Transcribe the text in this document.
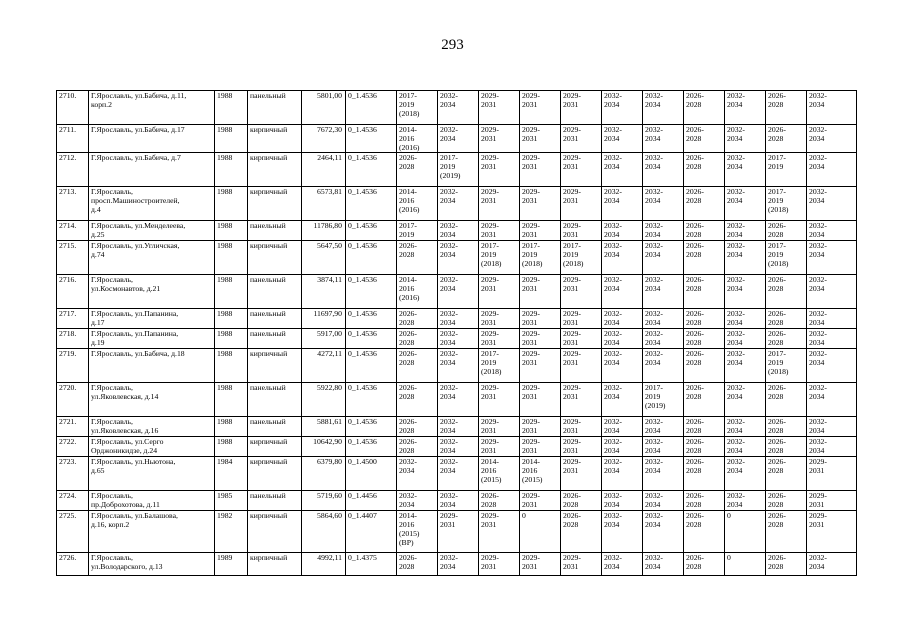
293
2710.	Г.Ярославль, ул.Бабича, д.11,
корп.2	1988	панельный	5801,00	0_1.4536	2017-
2019
(2018)	2032-
2034	2029-
2031	2029-
2031	2029-
2031	2032-
2034	2032-
2034	2026-
2028	2032-
2034	2026-
2028	2032-
2034
2711.	Г.Ярославль, ул.Бабича, д.17	1988	кирпичный	7672,30	0_1.4536	2014-
2016
(2016)	2032-
2034	2029-
2031	2029-
2031	2029-
2031	2032-
2034	2032-
2034	2026-
2028	2032-
2034	2026-
2028	2032-
2034
2712.	Г.Ярославль, ул.Бабича, д.7	1988	кирпичный	2464,11	0_1.4536	2026-
2028	2017-
2019
(2019)	2029-
2031	2029-
2031	2029-
2031	2032-
2034	2032-
2034	2026-
2028	2032-
2034	2017-
2019	2032-
2034
2713.	Г.Ярославль,
просп.Машиностроителей,
д.4	1988	кирпичный	6573,81	0_1.4536	2014-
2016
(2016)	2032-
2034	2029-
2031	2029-
2031	2029-
2031	2032-
2034	2032-
2034	2026-
2028	2032-
2034	2017-
2019
(2018)	2032-
2034
2714.	Г.Ярославль, ул.Менделеева,
д.25	1988	панельный	11786,80	0_1.4536	2017-
2019	2032-
2034	2029-
2031	2029-
2031	2029-
2031	2032-
2034	2032-
2034	2026-
2028	2032-
2034	2026-
2028	2032-
2034
2715.	Г.Ярославль, ул.Угличская,
д.74	1988	кирпичный	5647,50	0_1.4536	2026-
2028	2032-
2034	2017-
2019
(2018)	2017-
2019
(2018)	2017-
2019
(2018)	2032-
2034	2032-
2034	2026-
2028	2032-
2034	2017-
2019
(2018)	2032-
2034
2716.	Г.Ярославль,
ул.Космонавтов, д.21	1988	панельный	3874,11	0_1.4536	2014-
2016
(2016)	2032-
2034	2029-
2031	2029-
2031	2029-
2031	2032-
2034	2032-
2034	2026-
2028	2032-
2034	2026-
2028	2032-
2034
2717.	Г.Ярославль, ул.Папанина,
д.17	1988	панельный	11697,90	0_1.4536	2026-
2028	2032-
2034	2029-
2031	2029-
2031	2029-
2031	2032-
2034	2032-
2034	2026-
2028	2032-
2034	2026-
2028	2032-
2034
2718.	Г.Ярославль, ул.Папанина,
д.19	1988	панельный	5917,00	0_1.4536	2026-
2028	2032-
2034	2029-
2031	2029-
2031	2029-
2031	2032-
2034	2032-
2034	2026-
2028	2032-
2034	2026-
2028	2032-
2034
2719.	Г.Ярославль, ул.Бабича, д.18	1988	кирпичный	4272,11	0_1.4536	2026-
2028	2032-
2034	2017-
2019
(2018)	2029-
2031	2029-
2031	2032-
2034	2032-
2034	2026-
2028	2032-
2034	2017-
2019
(2018)	2032-
2034
2720.	Г.Ярославль,
ул.Яковлевская, д.14	1988	панельный	5922,80	0_1.4536	2026-
2028	2032-
2034	2029-
2031	2029-
2031	2029-
2031	2032-
2034	2017-
2019
(2019)	2026-
2028	2032-
2034	2026-
2028	2032-
2034
2721.	Г.Ярославль,
ул.Яковлевская, д.16	1988	панельный	5881,61	0_1.4536	2026-
2028	2032-
2034	2029-
2031	2029-
2031	2029-
2031	2032-
2034	2032-
2034	2026-
2028	2032-
2034	2026-
2028	2032-
2034
2722.	Г.Ярославль, ул.Серго
Орджоникидзе, д.24	1988	кирпичный	10642,90	0_1.4536	2026-
2028	2032-
2034	2029-
2031	2029-
2031	2029-
2031	2032-
2034	2032-
2034	2026-
2028	2032-
2034	2026-
2028	2032-
2034
2723.	Г.Ярославль, ул.Ньютона,
д.65	1984	кирпичный	6379,80	0_1.4500	2032-
2034	2032-
2034	2014-
2016
(2015)	2014-
2016
(2015)	2029-
2031	2032-
2034	2032-
2034	2026-
2028	2032-
2034	2026-
2028	2029-
2031
2724.	Г.Ярославль,
пр.Доброхотова, д.11	1985	панельный	5719,60	0_1.4456	2032-
2034	2032-
2034	2026-
2028	2029-
2031	2026-
2028	2032-
2034	2032-
2034	2026-
2028	2032-
2034	2026-
2028	2029-
2031
2725.	Г.Ярославль, ул.Балашова,
д.16, корп.2	1982	кирпичный	5864,60	0_1.4407	2014-
2016
(2015)
(ВР)	2029-
2031	2029-
2031	0	2026-
2028	2032-
2034	2032-
2034	2026-
2028	0	2026-
2028	2029-
2031
2726.	Г.Ярославль,
ул.Володарского, д.13	1989	кирпичный	4992,11	0_1.4375	2026-
2028	2032-
2034	2029-
2031	2029-
2031	2029-
2031	2032-
2034	2032-
2034	2026-
2028	0	2026-
2028	2032-
2034
